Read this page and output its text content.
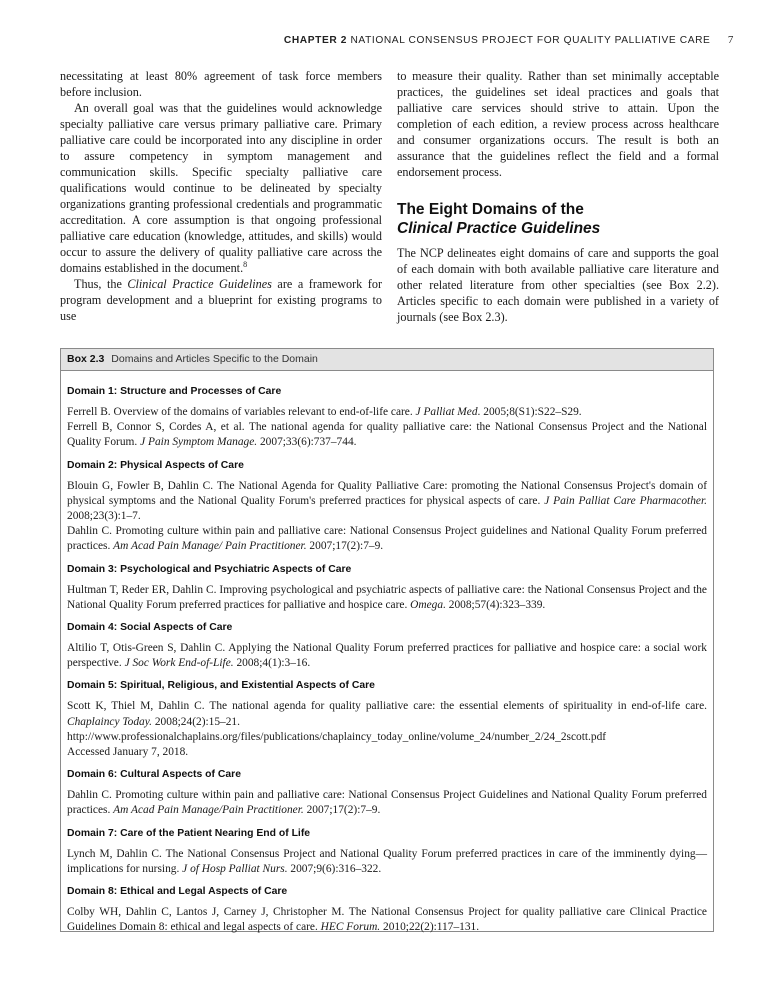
CHAPTER 2 NATIONAL CONSENSUS PROJECT FOR QUALITY PALLIATIVE CARE 7

necessitating at least 80% agreement of task force members before inclusion.

An overall goal was that the guidelines would acknowledge specialty palliative care versus primary palliative care. Primary palliative care could be incorporated into any discipline in order to assure competency in symptom management and communication skills. Specific specialty palliative care qualifications would continue to be delineated by specialty organizations granting professional credentials and programmatic accreditation. A core assumption is that ongoing professional palliative care education (knowledge, attitudes, and skills) would occur to assure the delivery of quality palliative care across the domains established in the document.$^8$

Thus, the Clinical Practice Guidelines are a framework for program development and a blueprint for existing programs to use

to measure their quality. Rather than set minimally acceptable practices, the guidelines set ideal practices and goals that palliative care services should strive to attain. Upon the completion of each edition, a review process across healthcare and consumer organizations occurs. The result is both an assurance that the guidelines reflect the field and a formal endorsement process.

The Eight Domains of the
Clinical Practice Guidelines

The NCP delineates eight domains of care and supports the goal of each domain with both available palliative care literature and other related literature from other specialties (see Box 2.2). Articles specific to each domain were published in a variety of journals (see Box 2.3).

Box 2.3 Domains and Articles Specific to the Domain
Domain 1: Structure and Processes of Care

Ferrell B. Overview of the domains of variables relevant to end-of-life care. J Palliat Med. 2005;8(S1):S22–S29.

Ferrell B, Connor S, Cordes A, et al. The national agenda for quality palliative care: the National Consensus Project and the National Quality Forum. J Pain Symptom Manage. 2007;33(6):737–744.

Domain 2: Physical Aspects of Care

Blouin G, Fowler B, Dahlin C. The National Agenda for Quality Palliative Care: promoting the National Consensus Project's domain of physical symptoms and the National Quality Forum's preferred practices for physical aspects of care. J Pain Palliat Care Pharmacother. 2008;23(3):1–7.

Dahlin C. Promoting culture within pain and palliative care: National Consensus Project guidelines and National Quality Forum preferred practices. Am Acad Pain Manage/ Pain Practitioner. 2007;17(2):7–9.

Domain 3: Psychological and Psychiatric Aspects of Care

Hultman T, Reder ER, Dahlin C. Improving psychological and psychiatric aspects of palliative care: the National Consensus Project and the National Quality Forum preferred practices for palliative and hospice care. Omega. 2008;57(4):323–339.

Domain 4: Social Aspects of Care

Altilio T, Otis-Green S, Dahlin C. Applying the National Quality Forum preferred practices for palliative and hospice care: a social work perspective. J Soc Work End-of-Life. 2008;4(1):3–16.

Domain 5: Spiritual, Religious, and Existential Aspects of Care

Scott K, Thiel M, Dahlin C. The national agenda for quality palliative care: the essential elements of spirituality in end-of-life care. Chaplaincy Today. 2008;24(2):15–21.

http://www.professionalchaplains.org/files/publications/chaplaincy_today_online/volume_24/number_2/24_2scott.pdf

Accessed January 7, 2018.

Domain 6: Cultural Aspects of Care

Dahlin C. Promoting culture within pain and palliative care: National Consensus Project Guidelines and National Quality Forum preferred practices. Am Acad Pain Manage/Pain Practitioner. 2007;17(2):7–9.

Domain 7: Care of the Patient Nearing End of Life

Lynch M, Dahlin C. The National Consensus Project and National Quality Forum preferred practices in care of the imminently dying—implications for nursing. J of Hosp Palliat Nurs. 2007;9(6):316–322.

Domain 8: Ethical and Legal Aspects of Care

Colby WH, Dahlin C, Lantos J, Carney J, Christopher M. The National Consensus Project for quality palliative care Clinical Practice Guidelines Domain 8: ethical and legal aspects of care. HEC Forum. 2010;22(2):117–131.
